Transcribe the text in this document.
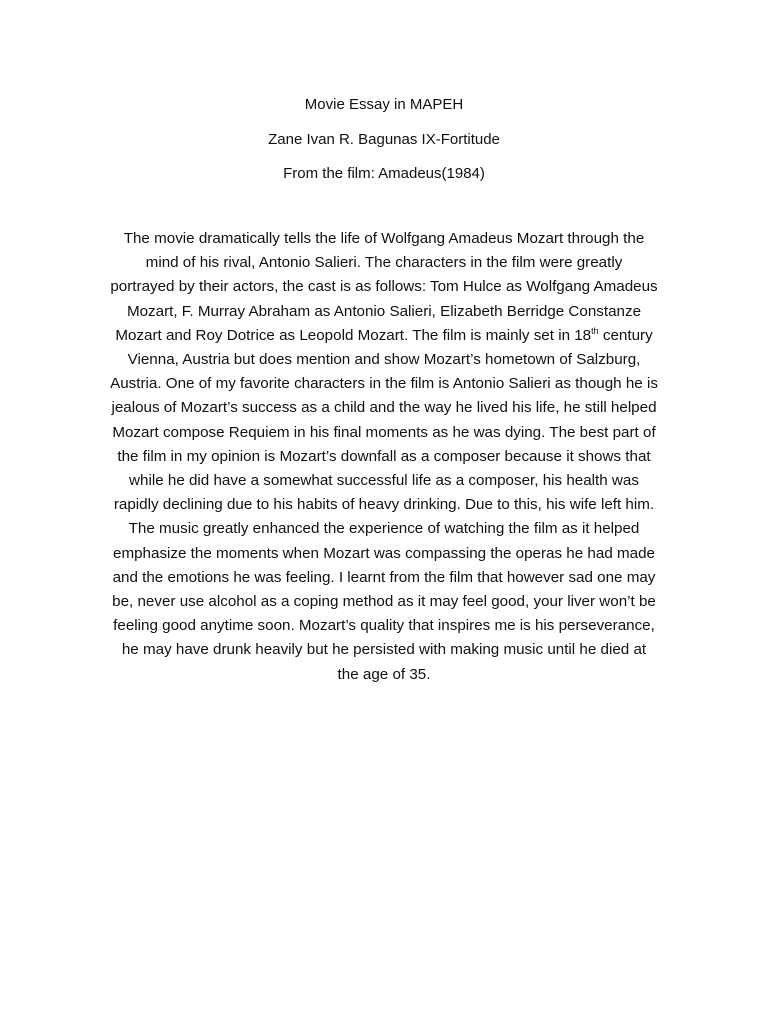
Movie Essay in MAPEH
Zane Ivan R. Bagunas IX-Fortitude
From the film: Amadeus(1984)
The movie dramatically tells the life of Wolfgang Amadeus Mozart through the
mind of his rival, Antonio Salieri. The characters in the film were greatly
portrayed by their actors, the cast is as follows: Tom Hulce as Wolfgang Amadeus
Mozart, F. Murray Abraham as Antonio Salieri, Elizabeth Berridge Constanze
Mozart and Roy Dotrice as Leopold Mozart. The film is mainly set in 18th century
Vienna, Austria but does mention and show Mozart’s hometown of Salzburg,
Austria. One of my favorite characters in the film is Antonio Salieri as though he is
jealous of Mozart’s success as a child and the way he lived his life, he still helped
Mozart compose Requiem in his final moments as he was dying. The best part of
the film in my opinion is Mozart’s downfall as a composer because it shows that
while he did have a somewhat successful life as a composer, his health was
rapidly declining due to his habits of heavy drinking. Due to this, his wife left him.
The music greatly enhanced the experience of watching the film as it helped
emphasize the moments when Mozart was compassing the operas he had made
and the emotions he was feeling. I learnt from the film that however sad one may
be, never use alcohol as a coping method as it may feel good, your liver won’t be
feeling good anytime soon. Mozart’s quality that inspires me is his perseverance,
he may have drunk heavily but he persisted with making music until he died at
the age of 35.
